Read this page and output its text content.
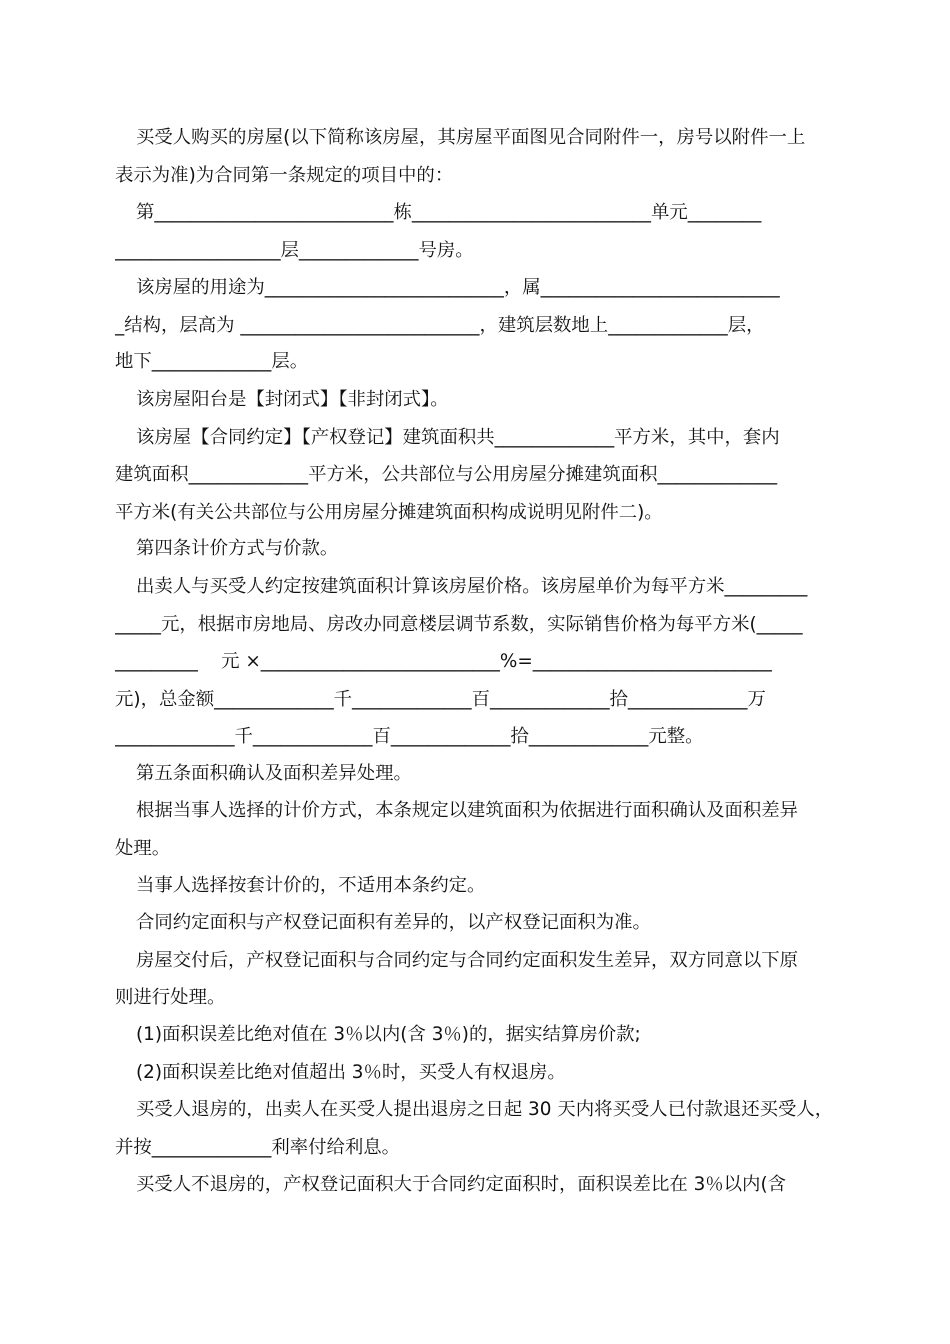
买受人购买的房屋(以下简称该房屋，其房屋平面图见合同附件一，房号以附件一上
表示为准)为合同第一条规定的项目中的：
第__________________________栋__________________________单元________
__________________层_____________号房。
该房屋的用途为__________________________，属__________________________
_结构，层高为 __________________________，建筑层数地上_____________层，
地下_____________层。
该房屋阳台是【封闭式】【非封闭式】。
该房屋【合同约定】【产权登记】建筑面积共_____________平方米，其中，套内
建筑面积_____________平方米，公共部位与公用房屋分摊建筑面积_____________
平方米(有关公共部位与公用房屋分摊建筑面积构成说明见附件二)。
第四条计价方式与价款。
出卖人与买受人约定按建筑面积计算该房屋价格。该房屋单价为每平方米_________
_____元，根据市房地局、房改办同意楼层调节系数，实际销售价格为每平方米(_____
_________    元 ×__________________________%=__________________________
元)，总金额_____________千_____________百_____________拾_____________万
_____________千_____________百_____________拾_____________元整。
第五条面积确认及面积差异处理。
根据当事人选择的计价方式，本条规定以建筑面积为依据进行面积确认及面积差异
处理。
当事人选择按套计价的，不适用本条约定。
合同约定面积与产权登记面积有差异的，以产权登记面积为准。
房屋交付后，产权登记面积与合同约定与合同约定面积发生差异，双方同意以下原
则进行处理。
(1)面积误差比绝对值在 3％以内(含 3％)的，据实结算房价款;
(2)面积误差比绝对值超出 3％时，买受人有权退房。
买受人退房的，出卖人在买受人提出退房之日起 30 天内将买受人已付款退还买受人，
并按_____________利率付给利息。
买受人不退房的，产权登记面积大于合同约定面积时，面积误差比在 3％以内(含
